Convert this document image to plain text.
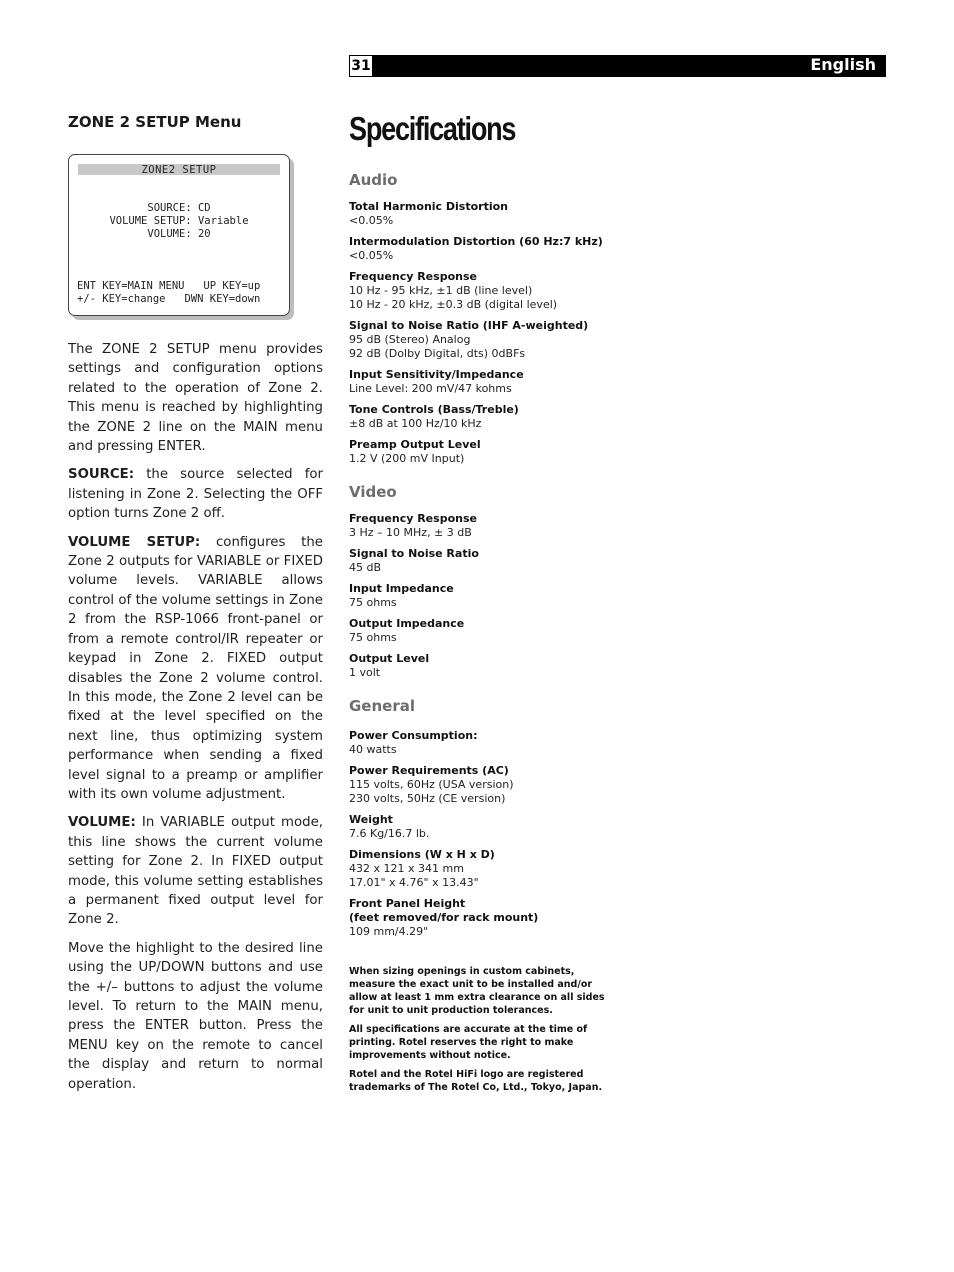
31	English
ZONE 2 SETUP Menu
ZONE2 SETUP
SOURCE: CD
VOLUME SETUP: Variable
VOLUME: 20
ENT KEY=MAIN MENU   UP KEY=up
+/- KEY=change   DWN KEY=down

The ZONE 2 SETUP menu provides settings and configuration options related to the operation of Zone 2. This menu is reached by highlighting the ZONE 2 line on the MAIN menu and pressing ENTER.

SOURCE: the source selected for listening in Zone 2. Selecting the OFF option turns Zone 2 off.

VOLUME SETUP: configures the Zone 2 outputs for VARIABLE or FIXED volume levels. VARIABLE allows control of the volume settings in Zone 2 from the RSP-1066 front-panel or from a remote control/IR repeater or keypad in Zone 2. FIXED output disables the Zone 2 volume control. In this mode, the Zone 2 level can be fixed at the level specified on the next line, thus optimizing system performance when sending a fixed level signal to a preamp or amplifier with its own volume adjustment.

VOLUME: In VARIABLE output mode, this line shows the current volume setting for Zone 2. In FIXED output mode, this volume setting establishes a permanent fixed output level for Zone 2.

Move the highlight to the desired line using the UP/DOWN buttons and use the +/– buttons to adjust the volume level. To return to the MAIN menu, press the ENTER button. Press the MENU key on the remote to cancel the display and return to normal operation.

Specifications
Audio
Total Harmonic Distortion
<0.05%
Intermodulation Distortion (60 Hz:7 kHz)
<0.05%
Frequency Response
10 Hz - 95 kHz, ±1 dB (line level)
10 Hz - 20 kHz, ±0.3 dB (digital level)
Signal to Noise Ratio (IHF A-weighted)
95 dB (Stereo) Analog
92 dB (Dolby Digital, dts) 0dBFs
Input Sensitivity/Impedance
Line Level: 200 mV/47 kohms
Tone Controls (Bass/Treble)
±8 dB at 100 Hz/10 kHz
Preamp Output Level
1.2 V (200 mV Input)
Video
Frequency Response
3 Hz – 10 MHz, ± 3 dB
Signal to Noise Ratio
45 dB
Input Impedance
75 ohms
Output Impedance
75 ohms
Output Level
1 volt
General
Power Consumption:
40 watts
Power Requirements (AC)
115 volts, 60Hz (USA version)
230 volts, 50Hz (CE version)
Weight
7.6 Kg/16.7 lb.
Dimensions (W x H x D)
432 x 121 x 341 mm
17.01" x 4.76" x 13.43"
Front Panel Height
(feet removed/for rack mount)
109 mm/4.29"

When sizing openings in custom cabinets, measure the exact unit to be installed and/or allow at least 1 mm extra clearance on all sides for unit to unit production tolerances.

All specifications are accurate at the time of printing. Rotel reserves the right to make improvements without notice.

Rotel and the Rotel HiFi logo are registered trademarks of The Rotel Co, Ltd., Tokyo, Japan.
